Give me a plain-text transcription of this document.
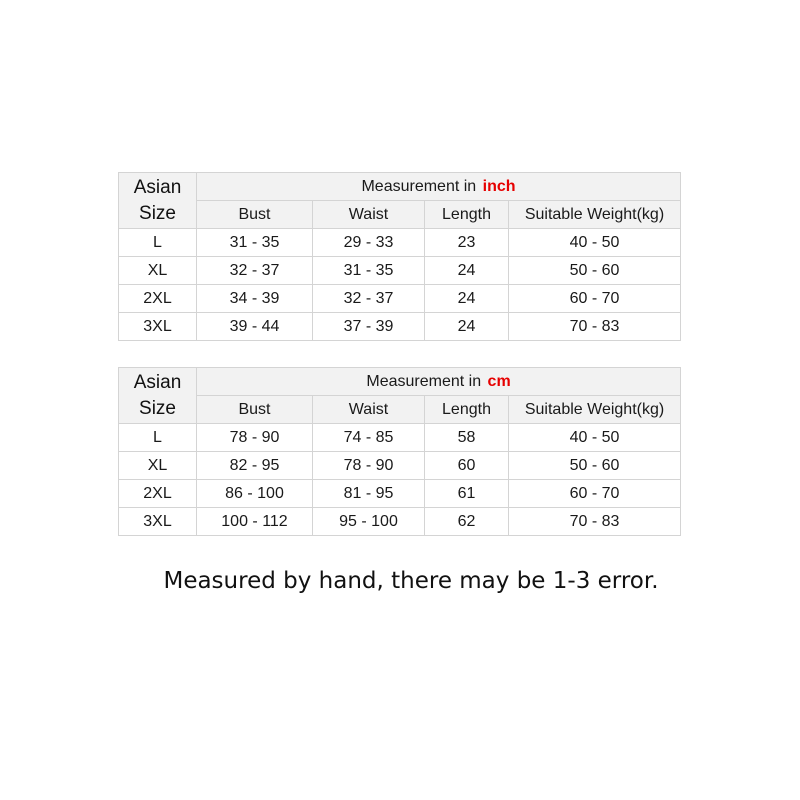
Asian
Size	Measurement in inch			
	Bust	Waist	Length	Suitable Weight(kg)
L	31 - 35	29 - 33	23	40 - 50
XL	32 - 37	31 - 35	24	50 - 60
2XL	34 - 39	32 - 37	24	60 - 70
3XL	39 - 44	37 - 39	24	70 - 83
Asian
Size	Measurement in cm			
	Bust	Waist	Length	Suitable Weight(kg)
L	78 - 90	74 - 85	58	40 - 50
XL	82 - 95	78 - 90	60	50 - 60
2XL	86 - 100	81 - 95	61	60 - 70
3XL	100 - 112	95 - 100	62	70 - 83
Measured by hand, there may be 1-3 error.
